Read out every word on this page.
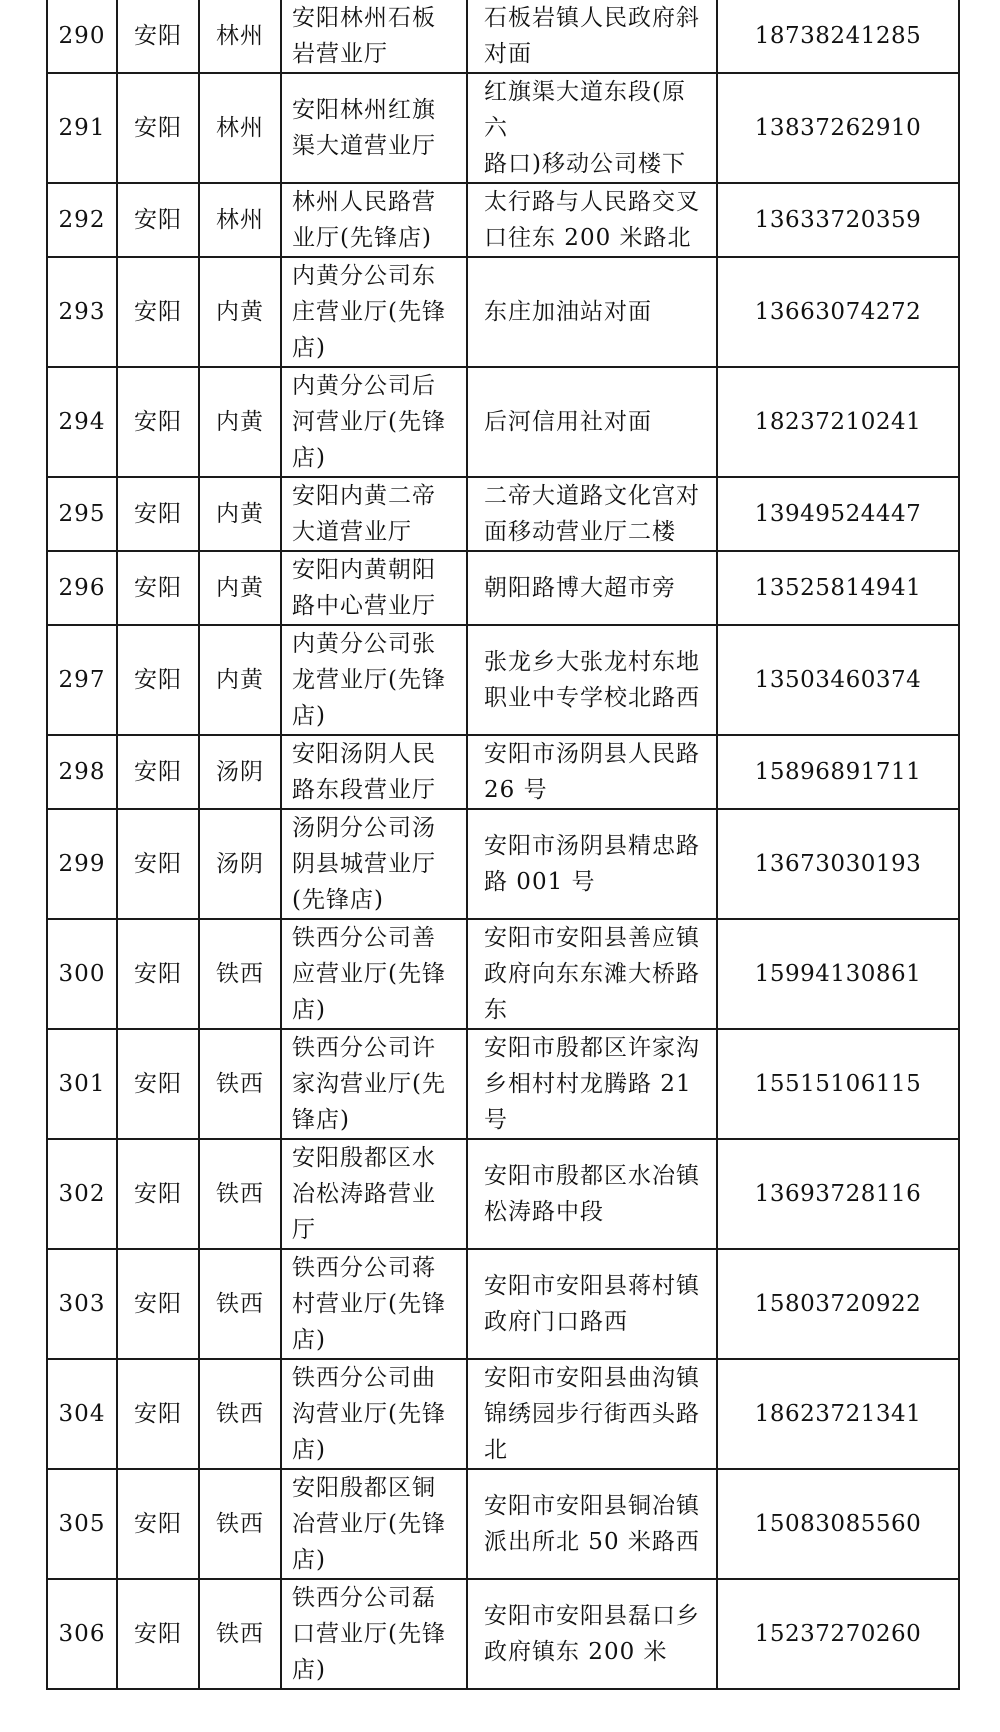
290	安阳	林州	安阳林州石板
岩营业厅	石板岩镇人民政府斜
对面	18738241285
291	安阳	林州	安阳林州红旗
渠大道营业厅	红旗渠大道东段(原六
路口)移动公司楼下	13837262910
292	安阳	林州	林州人民路营
业厅(先锋店)	太行路与人民路交叉
口往东 200 米路北	13633720359
293	安阳	内黄	内黄分公司东
庄营业厅(先锋
店)	东庄加油站对面	13663074272
294	安阳	内黄	内黄分公司后
河营业厅(先锋
店)	后河信用社对面	18237210241
295	安阳	内黄	安阳内黄二帝
大道营业厅	二帝大道路文化宫对
面移动营业厅二楼	13949524447
296	安阳	内黄	安阳内黄朝阳
路中心营业厅	朝阳路博大超市旁	13525814941
297	安阳	内黄	内黄分公司张
龙营业厅(先锋
店)	张龙乡大张龙村东地
职业中专学校北路西	13503460374
298	安阳	汤阴	安阳汤阴人民
路东段营业厅	安阳市汤阴县人民路
26 号	15896891711
299	安阳	汤阴	汤阴分公司汤
阴县城营业厅
(先锋店)	安阳市汤阴县精忠路
路 001 号	13673030193
300	安阳	铁西	铁西分公司善
应营业厅(先锋
店)	安阳市安阳县善应镇
政府向东东滩大桥路
东	15994130861
301	安阳	铁西	铁西分公司许
家沟营业厅(先
锋店)	安阳市殷都区许家沟
乡相村村龙腾路 21 号	15515106115
302	安阳	铁西	安阳殷都区水
冶松涛路营业
厅	安阳市殷都区水冶镇
松涛路中段	13693728116
303	安阳	铁西	铁西分公司蒋
村营业厅(先锋
店)	安阳市安阳县蒋村镇
政府门口路西	15803720922
304	安阳	铁西	铁西分公司曲
沟营业厅(先锋
店)	安阳市安阳县曲沟镇
锦绣园步行街西头路
北	18623721341
305	安阳	铁西	安阳殷都区铜
冶营业厅(先锋
店)	安阳市安阳县铜冶镇
派出所北 50 米路西	15083085560
306	安阳	铁西	铁西分公司磊
口营业厅(先锋
店)	安阳市安阳县磊口乡
政府镇东 200 米	15237270260
